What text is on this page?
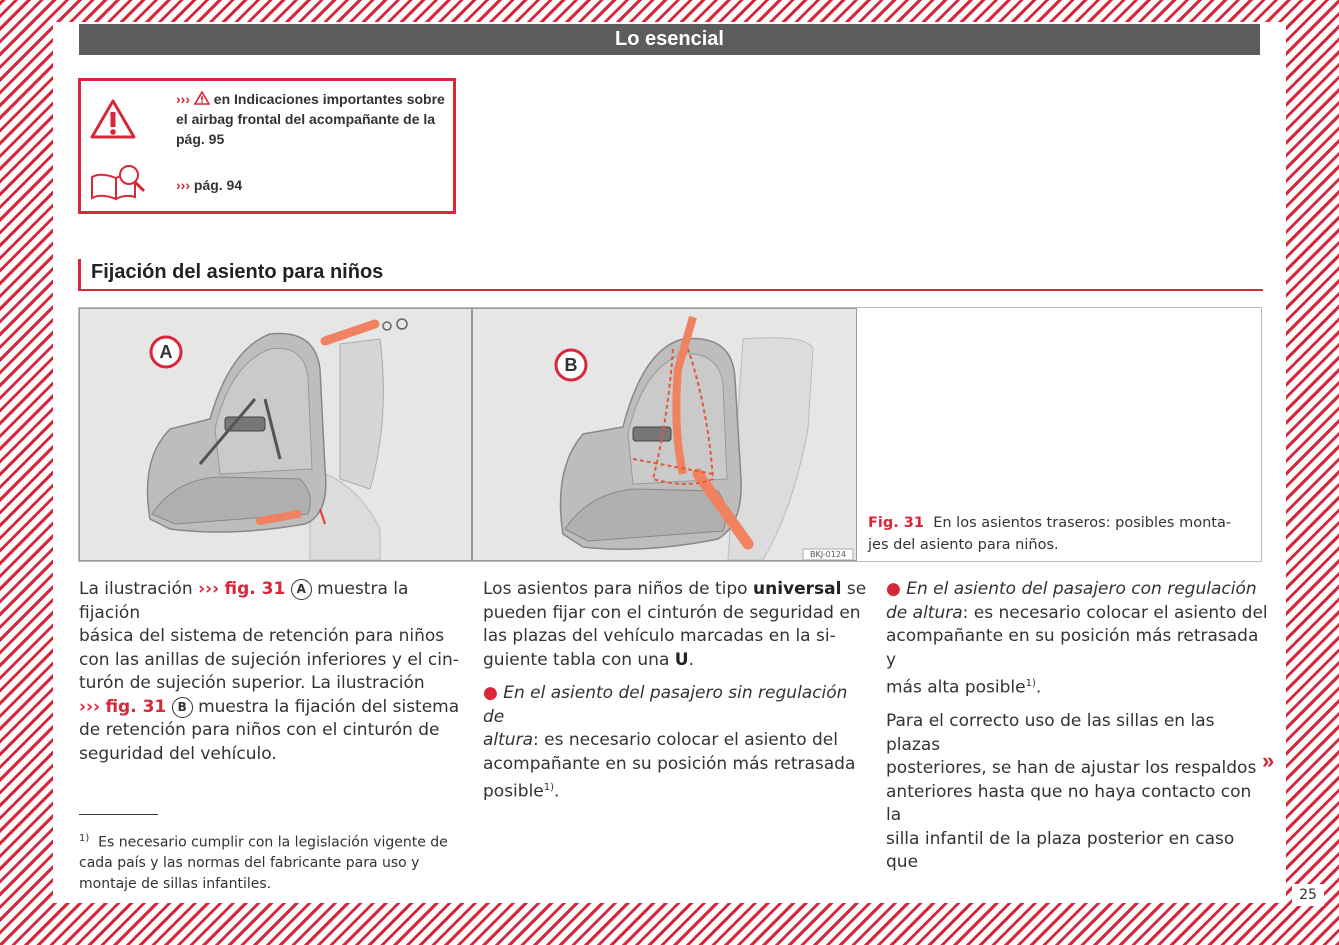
Lo esencial
››› en Indicaciones importantes sobre
el airbag frontal del acompañante de la
pág. 95
››› pág. 94
Fijación del asiento para niños
A
B
BKJ-0124
Fig. 31 En los asientos traseros: posibles monta-
jes del asiento para niños.
La ilustración ››› fig. 31 A muestra la fijación
básica del sistema de retención para niños
con las anillas de sujeción inferiores y el cin-
turón de sujeción superior. La ilustración
››› fig. 31 B muestra la fijación del sistema
de retención para niños con el cinturón de
seguridad del vehículo.
Los asientos para niños de tipo universal se
pueden fijar con el cinturón de seguridad en
las plazas del vehículo marcadas en la si-
guiente tabla con una U.
● En el asiento del pasajero sin regulación de
altura: es necesario colocar el asiento del
acompañante en su posición más retrasada
posible$^{1)}$.
● En el asiento del pasajero con regulación
de altura: es necesario colocar el asiento del
acompañante en su posición más retrasada y
más alta posible$^{1)}$.
Para el correcto uso de las sillas en las plazas
posteriores, se han de ajustar los respaldos
anteriores hasta que no haya contacto con la
silla infantil de la plaza posterior en caso que
»
$^{1)}$ Es necesario cumplir con la legislación vigente de
cada país y las normas del fabricante para uso y
montaje de sillas infantiles.
25
